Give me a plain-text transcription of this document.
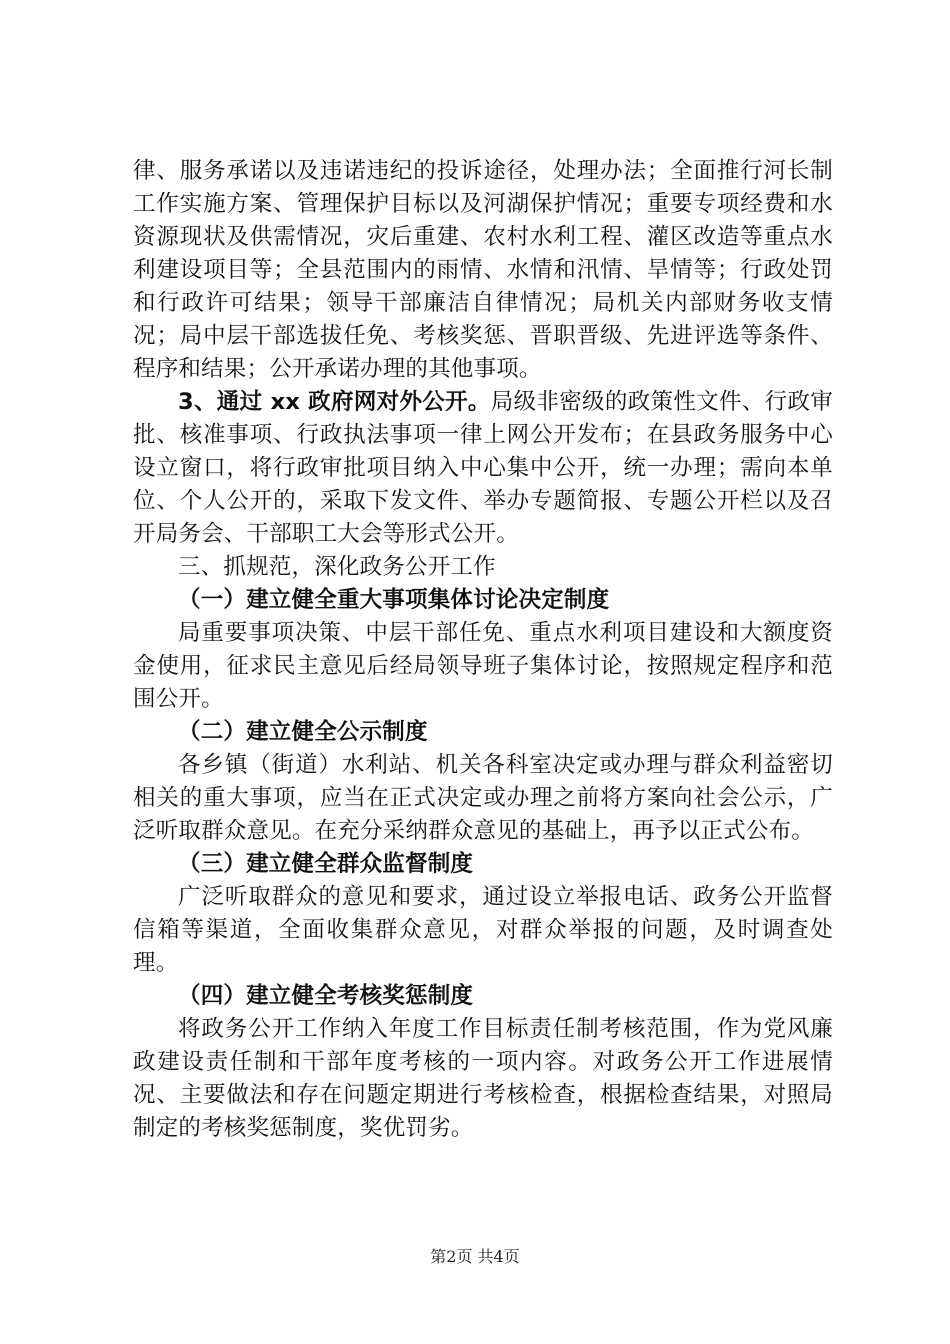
律、服务承诺以及违诺违纪的投诉途径，处理办法；全面推行河长制工作实施方案、管理保护目标以及河湖保护情况；重要专项经费和水资源现状及供需情况，灾后重建、农村水利工程、灌区改造等重点水利建设项目等；全县范围内的雨情、水情和汛情、旱情等；行政处罚和行政许可结果；领导干部廉洁自律情况；局机关内部财务收支情况；局中层干部选拔任免、考核奖惩、晋职晋级、先进评选等条件、程序和结果；公开承诺办理的其他事项。

3、通过 xx 政府网对外公开。局级非密级的政策性文件、行政审批、核准事项、行政执法事项一律上网公开发布；在县政务服务中心设立窗口，将行政审批项目纳入中心集中公开，统一办理；需向本单位、个人公开的，采取下发文件、举办专题简报、专题公开栏以及召开局务会、干部职工大会等形式公开。

三、抓规范，深化政务公开工作

（一）建立健全重大事项集体讨论决定制度

局重要事项决策、中层干部任免、重点水利项目建设和大额度资金使用，征求民主意见后经局领导班子集体讨论，按照规定程序和范围公开。

（二）建立健全公示制度

各乡镇（街道）水利站、机关各科室决定或办理与群众利益密切相关的重大事项，应当在正式决定或办理之前将方案向社会公示，广泛听取群众意见。在充分采纳群众意见的基础上，再予以正式公布。

（三）建立健全群众监督制度

广泛听取群众的意见和要求，通过设立举报电话、政务公开监督信箱等渠道，全面收集群众意见，对群众举报的问题，及时调查处理。

（四）建立健全考核奖惩制度

将政务公开工作纳入年度工作目标责任制考核范围，作为党风廉政建设责任制和干部年度考核的一项内容。对政务公开工作进展情况、主要做法和存在问题定期进行考核检查，根据检查结果，对照局制定的考核奖惩制度，奖优罚劣。

第2页 共4页
